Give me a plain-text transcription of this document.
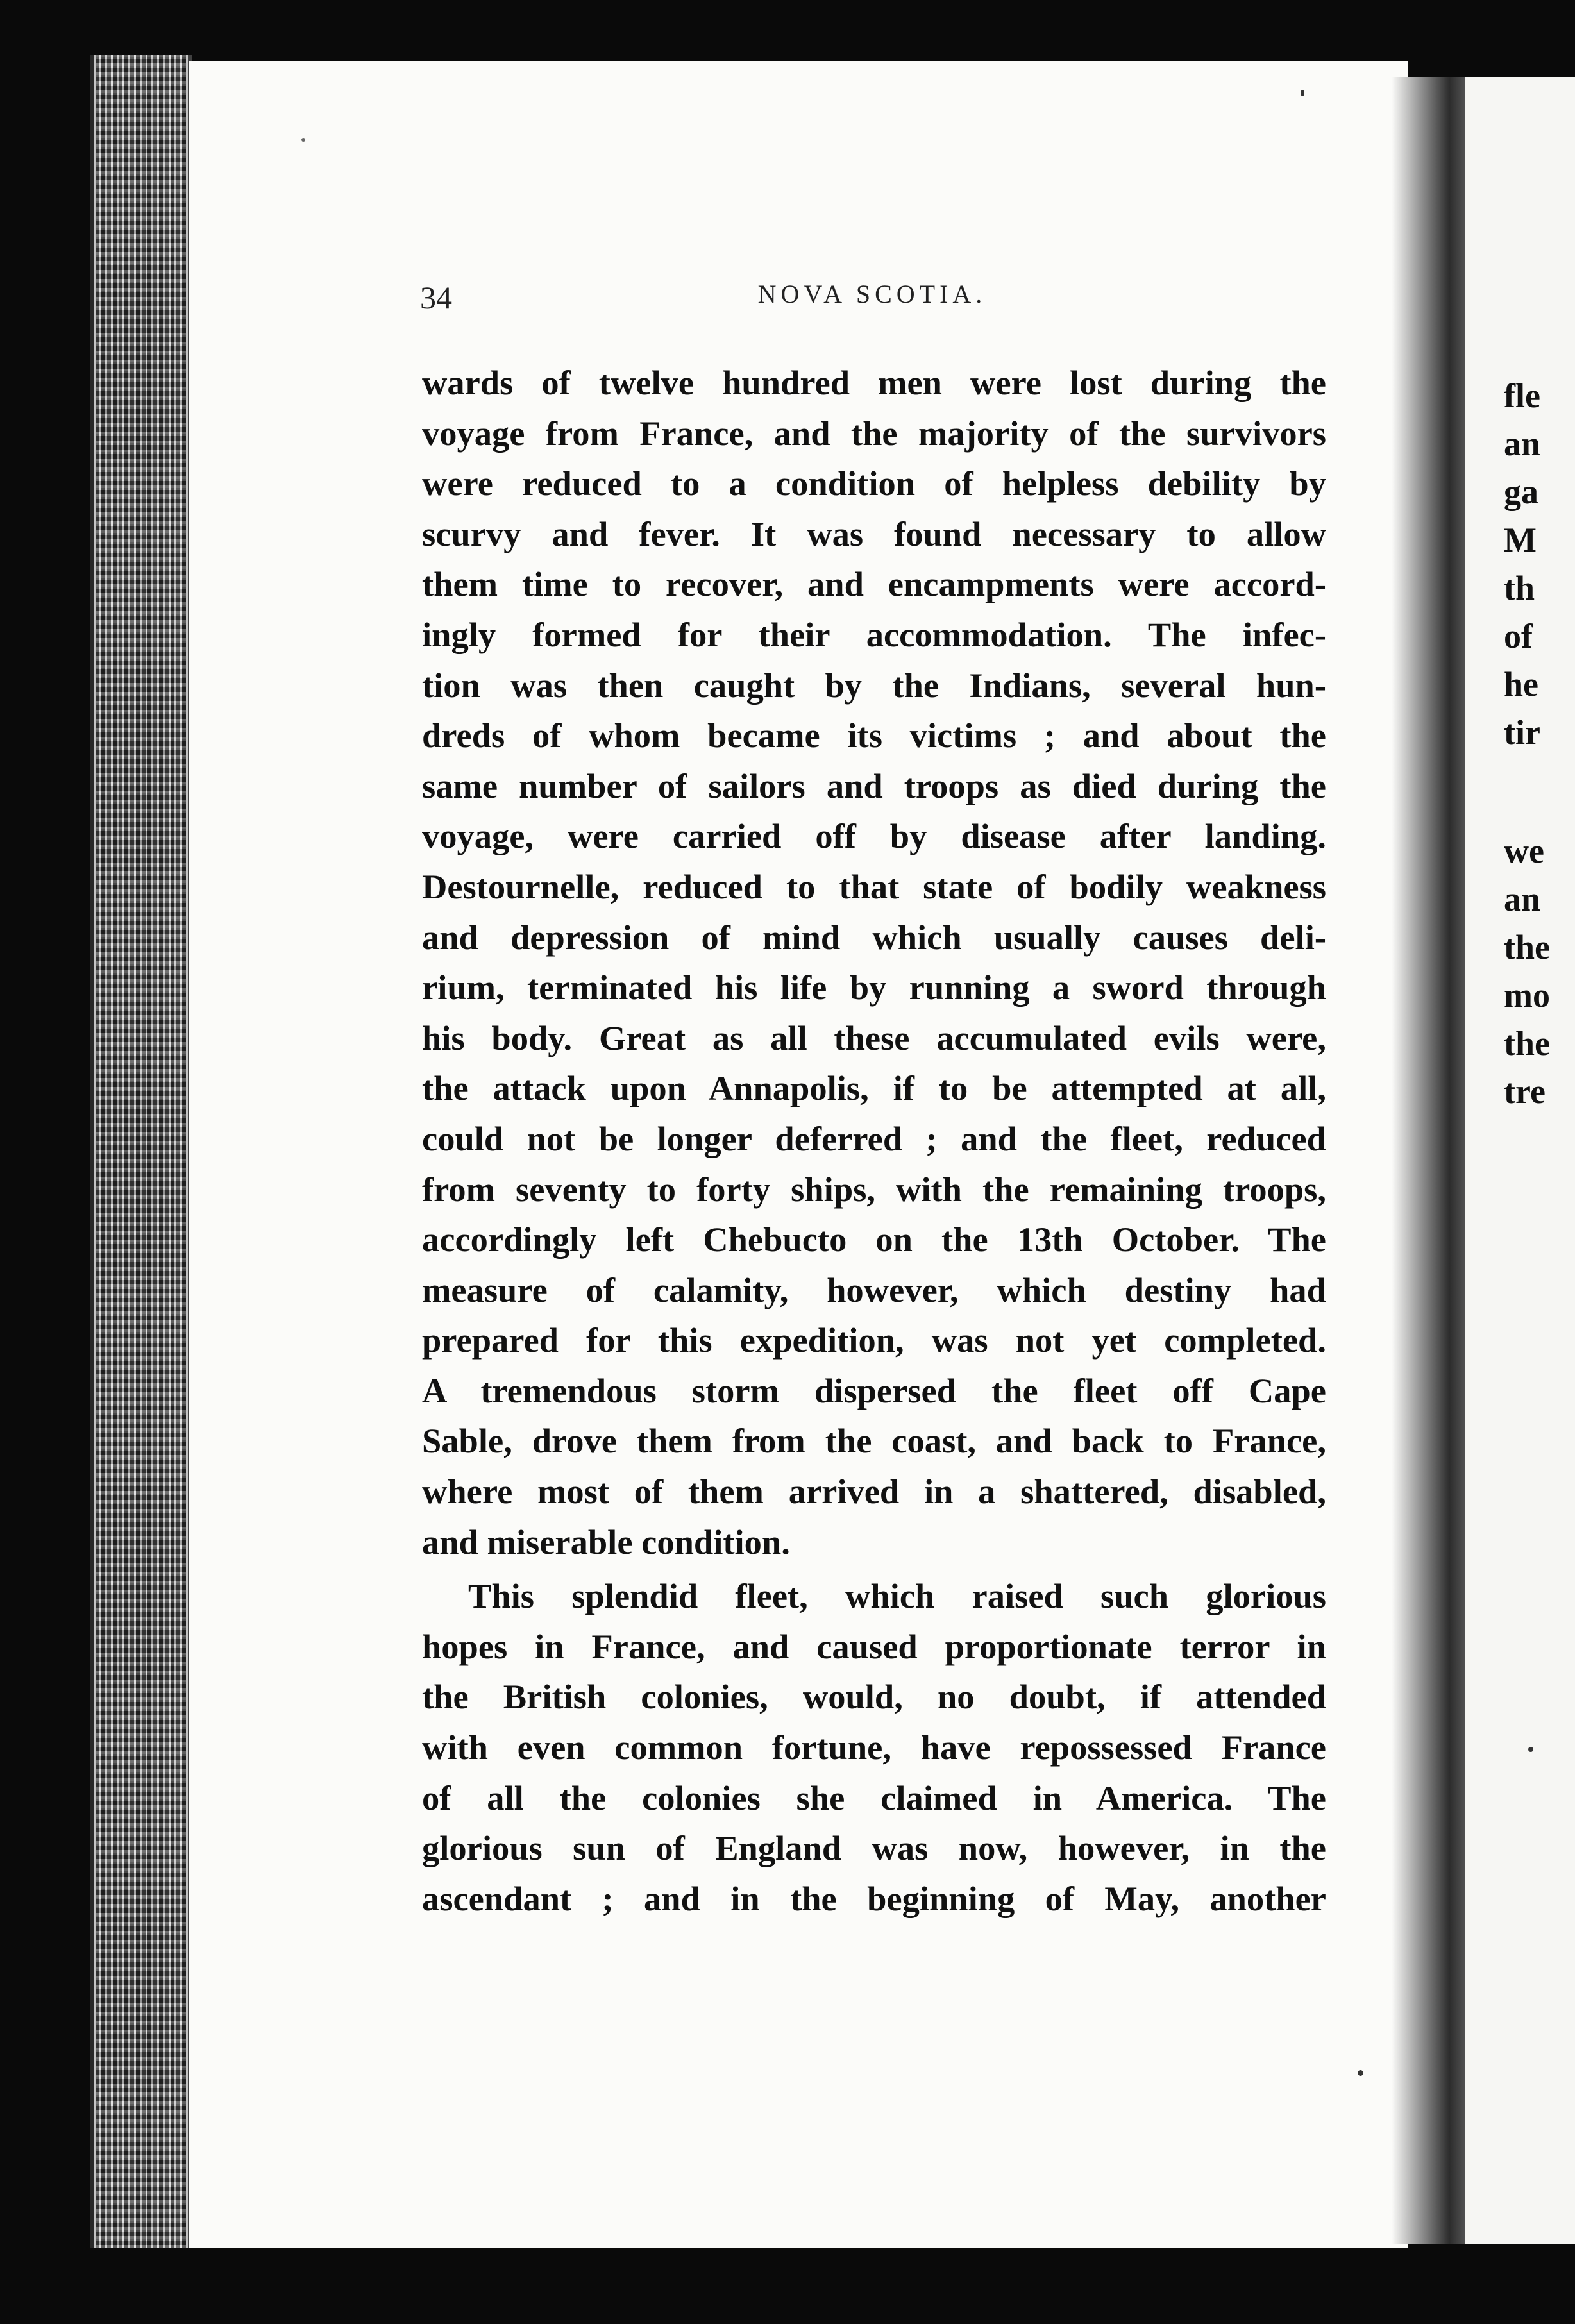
fle
an
ga
M
th
of
he
tir
we
an
the
mo
the
tre
34	NOVA SCOTIA.
wards of twelve hundred men were lost during the
voyage from France, and the majority of the survivors
were reduced to a condition of helpless debility by
scurvy and fever. It was found necessary to allow
them time to recover, and encampments were accord-
ingly formed for their accommodation. The infec-
tion was then caught by the Indians, several hun-
dreds of whom became its victims ; and about the
same number of sailors and troops as died during the
voyage, were carried off by disease after landing.
Destournelle, reduced to that state of bodily weakness
and depression of mind which usually causes deli-
rium, terminated his life by running a sword through
his body. Great as all these accumulated evils were,
the attack upon Annapolis, if to be attempted at all,
could not be longer deferred ; and the fleet, reduced
from seventy to forty ships, with the remaining troops,
accordingly left Chebucto on the 13th October. The
measure of calamity, however, which destiny had
prepared for this expedition, was not yet completed.
A tremendous storm dispersed the fleet off Cape
Sable, drove them from the coast, and back to France,
where most of them arrived in a shattered, disabled,
and miserable condition.
This splendid fleet, which raised such glorious
hopes in France, and caused proportionate terror in
the British colonies, would, no doubt, if attended
with even common fortune, have repossessed France
of all the colonies she claimed in America. The
glorious sun of England was now, however, in the
ascendant ; and in the beginning of May, another
